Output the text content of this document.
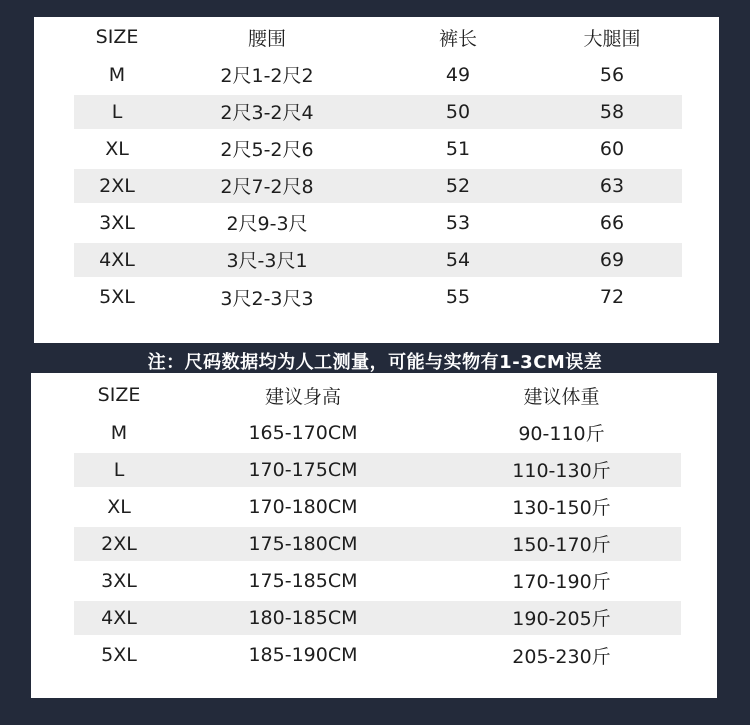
SIZE	腰围	裤长	大腿围
M	2尺1-2尺2	49	56
L	2尺3-2尺4	50	58
XL	2尺5-2尺6	51	60
2XL	2尺7-2尺8	52	63
3XL	2尺9-3尺	53	66
4XL	3尺-3尺1	54	69
5XL	3尺2-3尺3	55	72
注：尺码数据均为人工测量，可能与实物有1-3CM误差
SIZE	建议身高	建议体重
M	165-170CM	90-110斤
L	170-175CM	110-130斤
XL	170-180CM	130-150斤
2XL	175-180CM	150-170斤
3XL	175-185CM	170-190斤
4XL	180-185CM	190-205斤
5XL	185-190CM	205-230斤
